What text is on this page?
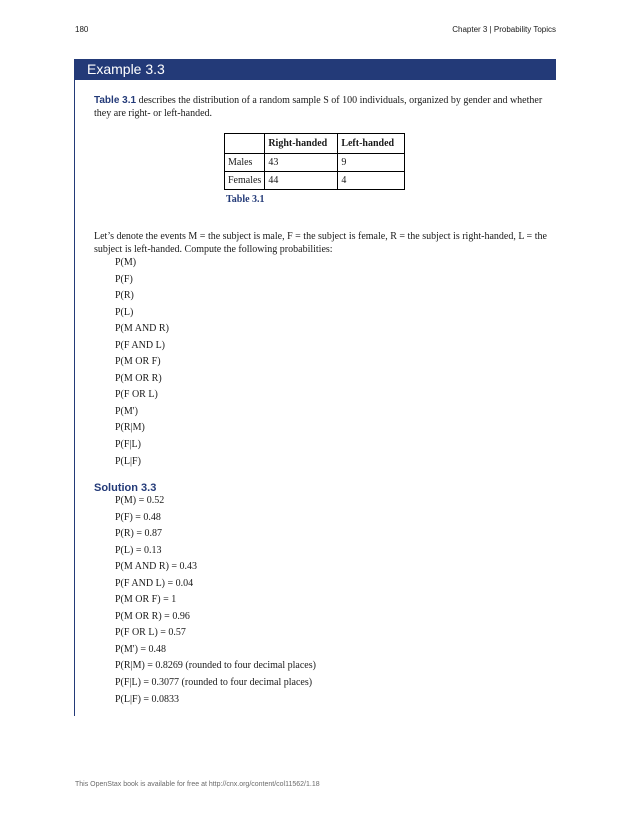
180	Chapter 3 | Probability Topics
Example 3.3
Table 3.1 describes the distribution of a random sample S of 100 individuals, organized by gender and whether they are right- or left-handed.
	Right-handed	Left-handed
Males	43	9
Females	44	4
Table 3.1
Let’s denote the events M = the subject is male, F = the subject is female, R = the subject is right-handed, L = the subject is left-handed. Compute the following probabilities:
P(M)
P(F)
P(R)
P(L)
P(M AND R)
P(F AND L)
P(M OR F)
P(M OR R)
P(F OR L)
P(M')
P(R|M)
P(F|L)
P(L|F)
Solution 3.3
P(M) = 0.52
P(F) = 0.48
P(R) = 0.87
P(L) = 0.13
P(M AND R) = 0.43
P(F AND L) = 0.04
P(M OR F) = 1
P(M OR R) = 0.96
P(F OR L) = 0.57
P(M') = 0.48
P(R|M) = 0.8269 (rounded to four decimal places)
P(F|L) = 0.3077 (rounded to four decimal places)
P(L|F) = 0.0833
This OpenStax book is available for free at http://cnx.org/content/col11562/1.18
